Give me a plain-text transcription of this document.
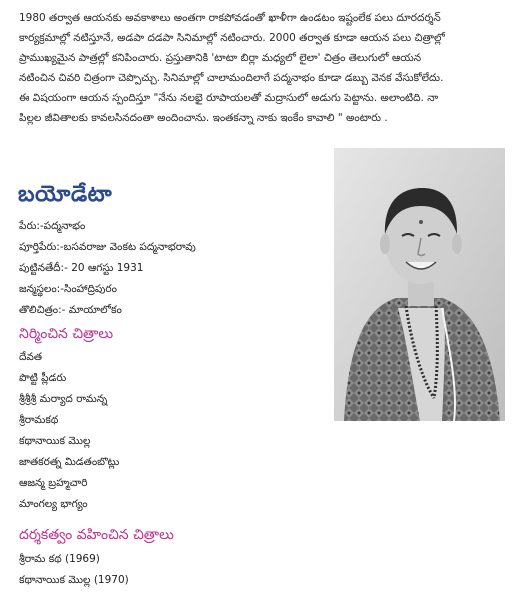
1980 తర్వాత ఆయనకు అవకాశాలు అంతగా రాకపోవడంతో ఖాళీగా ఉండటం ఇష్టంలేక పలు దూరదర్శన్

కార్యక్రమాల్లో నటిస్తూనే, అడపా దడపా సినిమాల్లో నటించారు. 2000 తర్వాత కూడా ఆయన పలు చిత్రాల్లో

ప్రాముఖ్యమైన పాత్రల్లో కనిపించారు. ప్రస్తుతానికి 'టాటా బిర్లా మధ్యలో లైలా' చిత్రం తెలుగులో ఆయన

నటించిన చివరి చిత్రంగా చెప్పొచ్చు. సినిమాల్లో చాలామందిలాగే పద్మనాభం కూడా డబ్బు వెనక వేసుకోలేదు.

ఈ విషయంగా ఆయన స్పందిస్తూ "నేను నలభై రూపాయలతో మద్రాసులో అడుగు పెట్టాను. అలాంటిది. నా

పిల్లల జీవితాలకు కావలసినదంతా అందించాను. ఇంతకన్నా నాకు ఇంకేం కావాలి " అంటారు .

బయోడేటా
పేరు:-పద్మనాభం
పూర్తిపేరు:-బసవరాజు వెంకట పద్మనాభరావు
పుట్టినతేదీ:- 20 ఆగస్టు 1931
జన్మస్థలం:-సింహాద్రిపురం
తొలిచిత్రం:- మాయాలోకం
నిర్మించిన చిత్రాలు
దేవత
పొట్టి ప్లీడరు
శ్రీశ్రీశ్రీ మర్యాద రామన్న
శ్రీరామకథ
కథానాయిక మొల్ల
జాతకరత్న మిడతంబొట్లు
ఆజన్మ బ్రహ్మచారి
మాంగల్య భాగ్యం
దర్శకత్వం వహించిన చిత్రాలు
శ్రీరామ కథ (1969)
కథానాయిక మొల్ల (1970)
